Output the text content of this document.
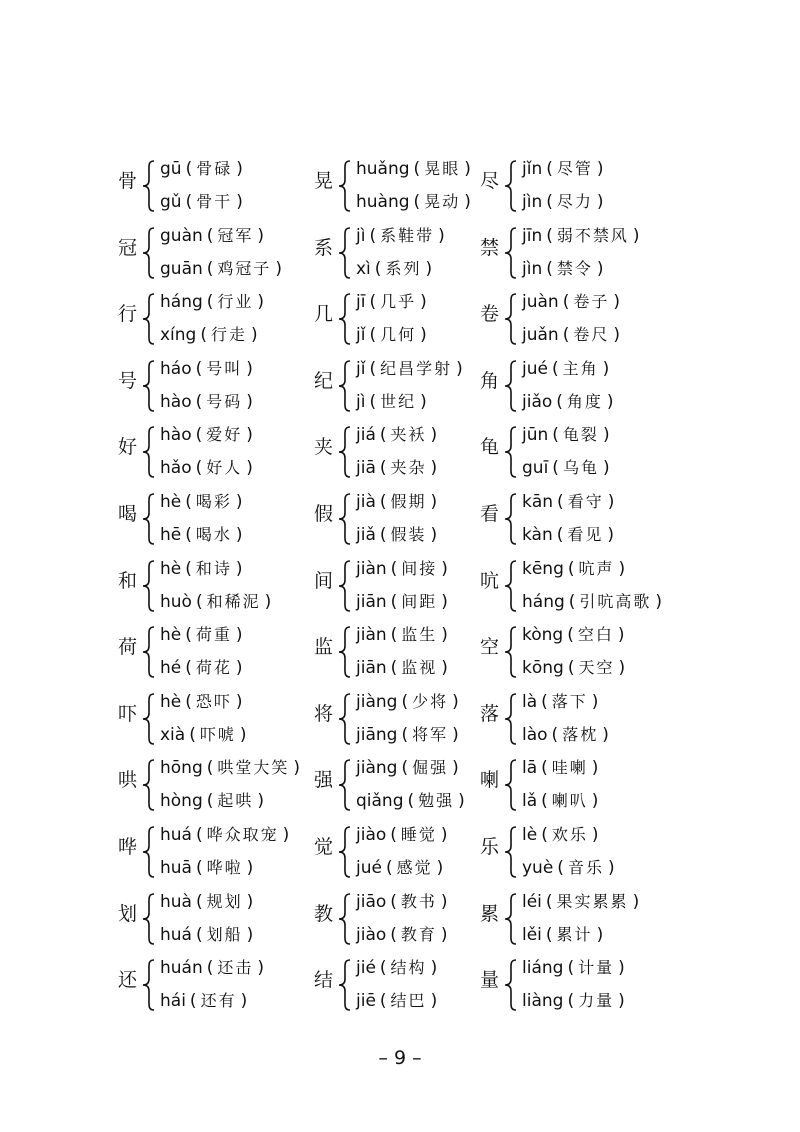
骨
gū ( 骨碌 )
gǔ ( 骨干 )
冠
guàn ( 冠军 )
guān ( 鸡冠子 )
行
háng ( 行业 )
xíng ( 行走 )
号
háo ( 号叫 )
hào ( 号码 )
好
hào ( 爱好 )
hǎo ( 好人 )
喝
hè ( 喝彩 )
hē ( 喝水 )
和
hè ( 和诗 )
huò ( 和稀泥 )
荷
hè ( 荷重 )
hé ( 荷花 )
吓
hè ( 恐吓 )
xià ( 吓唬 )
哄
hōng ( 哄堂大笑 )
hòng ( 起哄 )
哗
huá ( 哗众取宠 )
huā ( 哗啦 )
划
huà ( 规划 )
huá ( 划船 )
还
huán ( 还击 )
hái ( 还有 )
晃
huǎng ( 晃眼 )
huàng ( 晃动 )
系
jì ( 系鞋带 )
xì ( 系列 )
几
jī ( 几乎 )
jǐ ( 几何 )
纪
jǐ ( 纪昌学射 )
jì ( 世纪 )
夹
jiá ( 夹袄 )
jiā ( 夹杂 )
假
jià ( 假期 )
jiǎ ( 假装 )
间
jiàn ( 间接 )
jiān ( 间距 )
监
jiàn ( 监生 )
jiān ( 监视 )
将
jiàng ( 少将 )
jiāng ( 将军 )
强
jiàng ( 倔强 )
qiǎng ( 勉强 )
觉
jiào ( 睡觉 )
jué ( 感觉 )
教
jiāo ( 教书 )
jiào ( 教育 )
结
jié ( 结构 )
jiē ( 结巴 )
尽
jǐn ( 尽管 )
jìn ( 尽力 )
禁
jīn ( 弱不禁风 )
jìn ( 禁令 )
卷
juàn ( 卷子 )
juǎn ( 卷尺 )
角
jué ( 主角 )
jiǎo ( 角度 )
龟
jūn ( 龟裂 )
guī ( 乌龟 )
看
kān ( 看守 )
kàn ( 看见 )
吭
kēng ( 吭声 )
háng ( 引吭高歌 )
空
kòng ( 空白 )
kōng ( 天空 )
落
là ( 落下 )
lào ( 落枕 )
喇
lā ( 哇喇 )
lǎ ( 喇叭 )
乐
lè ( 欢乐 )
yuè ( 音乐 )
累
léi ( 果实累累 )
lěi ( 累计 )
量
liáng ( 计量 )
liàng ( 力量 )
– 9 –
